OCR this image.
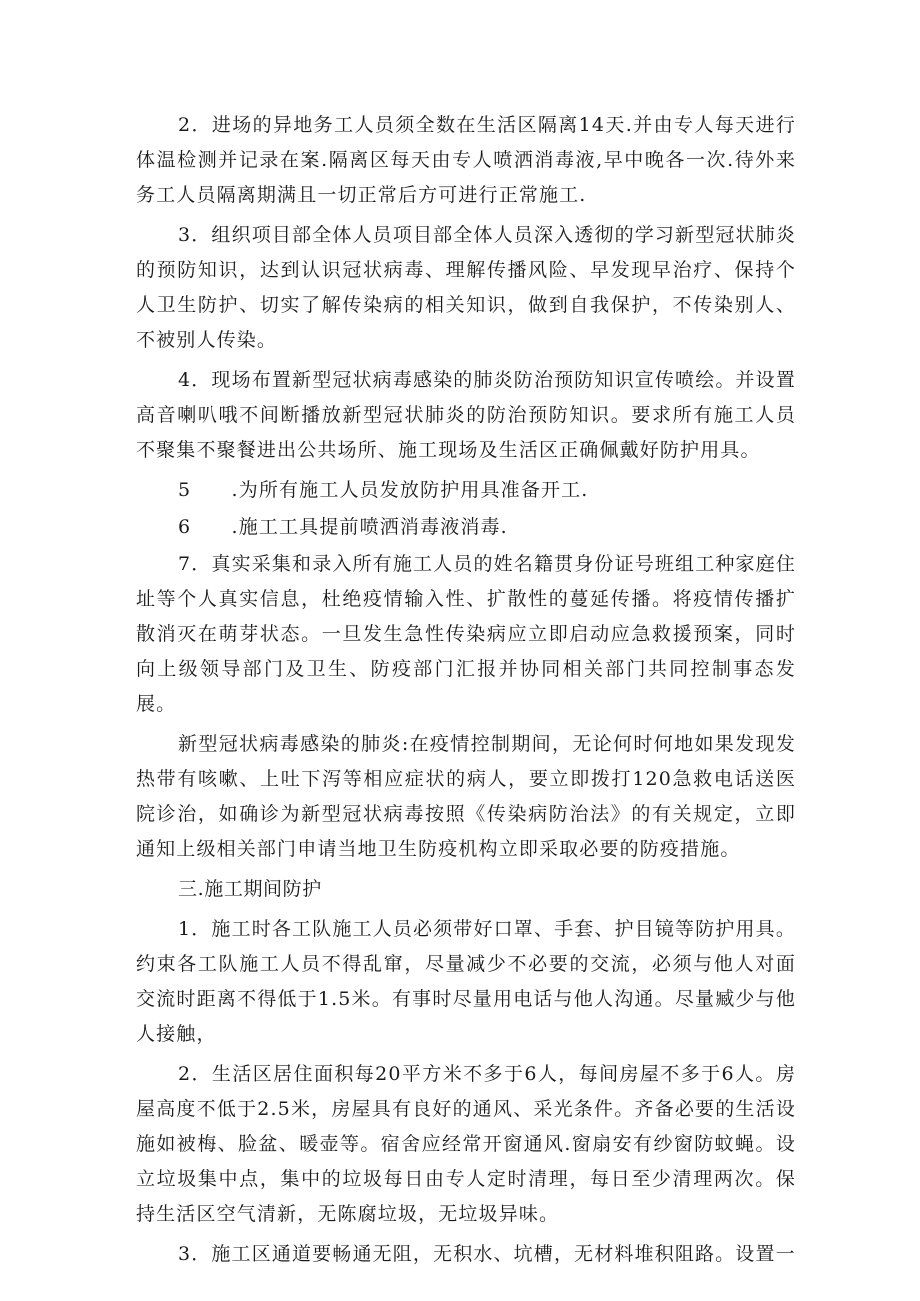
2．进场的异地务工人员须全数在生活区隔离14天.并由专人每天进行体温检测并记录在案.隔离区每天由专人喷洒消毒液,早中晚各一次.待外来务工人员隔离期满且一切正常后方可进行正常施工.

3．组织项目部全体人员项目部全体人员深入透彻的学习新型冠状肺炎的预防知识，达到认识冠状病毒、理解传播风险、早发现早治疗、保持个人卫生防护、切实了解传染病的相关知识，做到自我保护，不传染别人、不被别人传染。

4．现场布置新型冠状病毒感染的肺炎防治预防知识宣传喷绘。并设置高音喇叭哦不间断播放新型冠状肺炎的防治预防知识。要求所有施工人员不聚集不聚餐进出公共场所、施工现场及生活区正确佩戴好防护用具。

5　　.为所有施工人员发放防护用具准备开工.

6　　.施工工具提前喷洒消毒液消毒.

7．真实采集和录入所有施工人员的姓名籍贯身份证号班组工种家庭住址等个人真实信息，杜绝疫情输入性、扩散性的蔓延传播。将疫情传播扩散消灭在萌芽状态。一旦发生急性传染病应立即启动应急救援预案，同时向上级领导部门及卫生、防疫部门汇报并协同相关部门共同控制事态发展。

新型冠状病毒感染的肺炎:在疫情控制期间，无论何时何地如果发现发热带有咳嗽、上吐下泻等相应症状的病人，要立即拨打120急救电话送医院诊治，如确诊为新型冠状病毒按照《传染病防治法》的有关规定，立即通知上级相关部门申请当地卫生防疫机构立即采取必要的防疫措施。

三.施工期间防护

1．施工时各工队施工人员必须带好口罩、手套、护目镜等防护用具。约束各工队施工人员不得乱窜，尽量减少不必要的交流，必须与他人对面交流时距离不得低于1.5米。有事时尽量用电话与他人沟通。尽量臧少与他人接触，

2．生活区居住面积每20平方米不多于6人，每间房屋不多于6人。房屋高度不低于2.5米，房屋具有良好的通风、采光条件。齐备必要的生活设施如被梅、脸盆、暖壶等。宿舍应经常开窗通风.窗扇安有纱窗防蚊蝇。设立垃圾集中点，集中的垃圾每日由专人定时清理，每日至少清理两次。保持生活区空气清新，无陈腐垃圾，无垃圾异味。

3．施工区通道要畅通无阻，无积水、坑槽，无材料堆积阻路。设置一
